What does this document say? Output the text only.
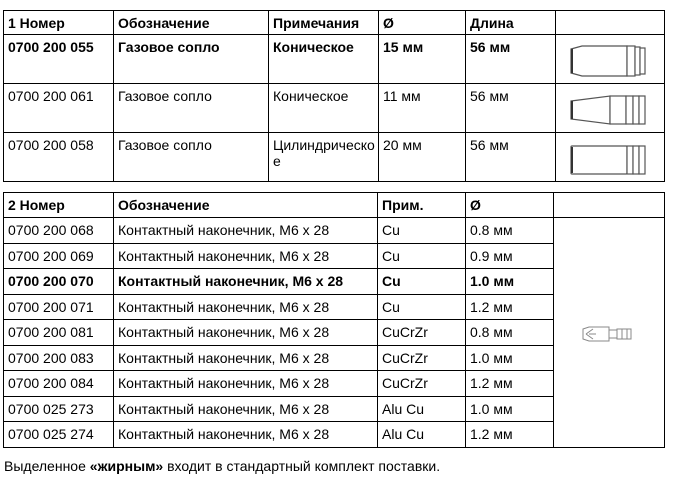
1 Номер	Обозначение	Примечания	Ø	Длина	
0700 200 055	Газовое сопло	Коническое	15 мм	56 мм	

0700 200 061	Газовое сопло	Коническое	11 мм	56 мм	

0700 200 058	Газовое сопло	Цилиндрическое	20 мм	56 мм	
2 Номер	Обозначение	Прим.	Ø	
0700 200 068	Контактный наконечник, M6 x 28	Cu	0.8 мм	

0700 200 069	Контактный наконечник, M6 x 28	Cu	0.9 мм	
0700 200 070	Контактный наконечник, M6 x 28	Cu	1.0 мм	
0700 200 071	Контактный наконечник, M6 x 28	Cu	1.2 мм	
0700 200 081	Контактный наконечник, M6 x 28	CuCrZr	0.8 мм	
0700 200 083	Контактный наконечник, M6 x 28	CuCrZr	1.0 мм	
0700 200 084	Контактный наконечник, M6 x 28	CuCrZr	1.2 мм	
0700 025 273	Контактный наконечник, M6 x 28	Alu Cu	1.0 мм	
0700 025 274	Контактный наконечник, M6 x 28	Alu Cu	1.2 мм	
Выделенное «жирным» входит в стандартный комплект поставки.
